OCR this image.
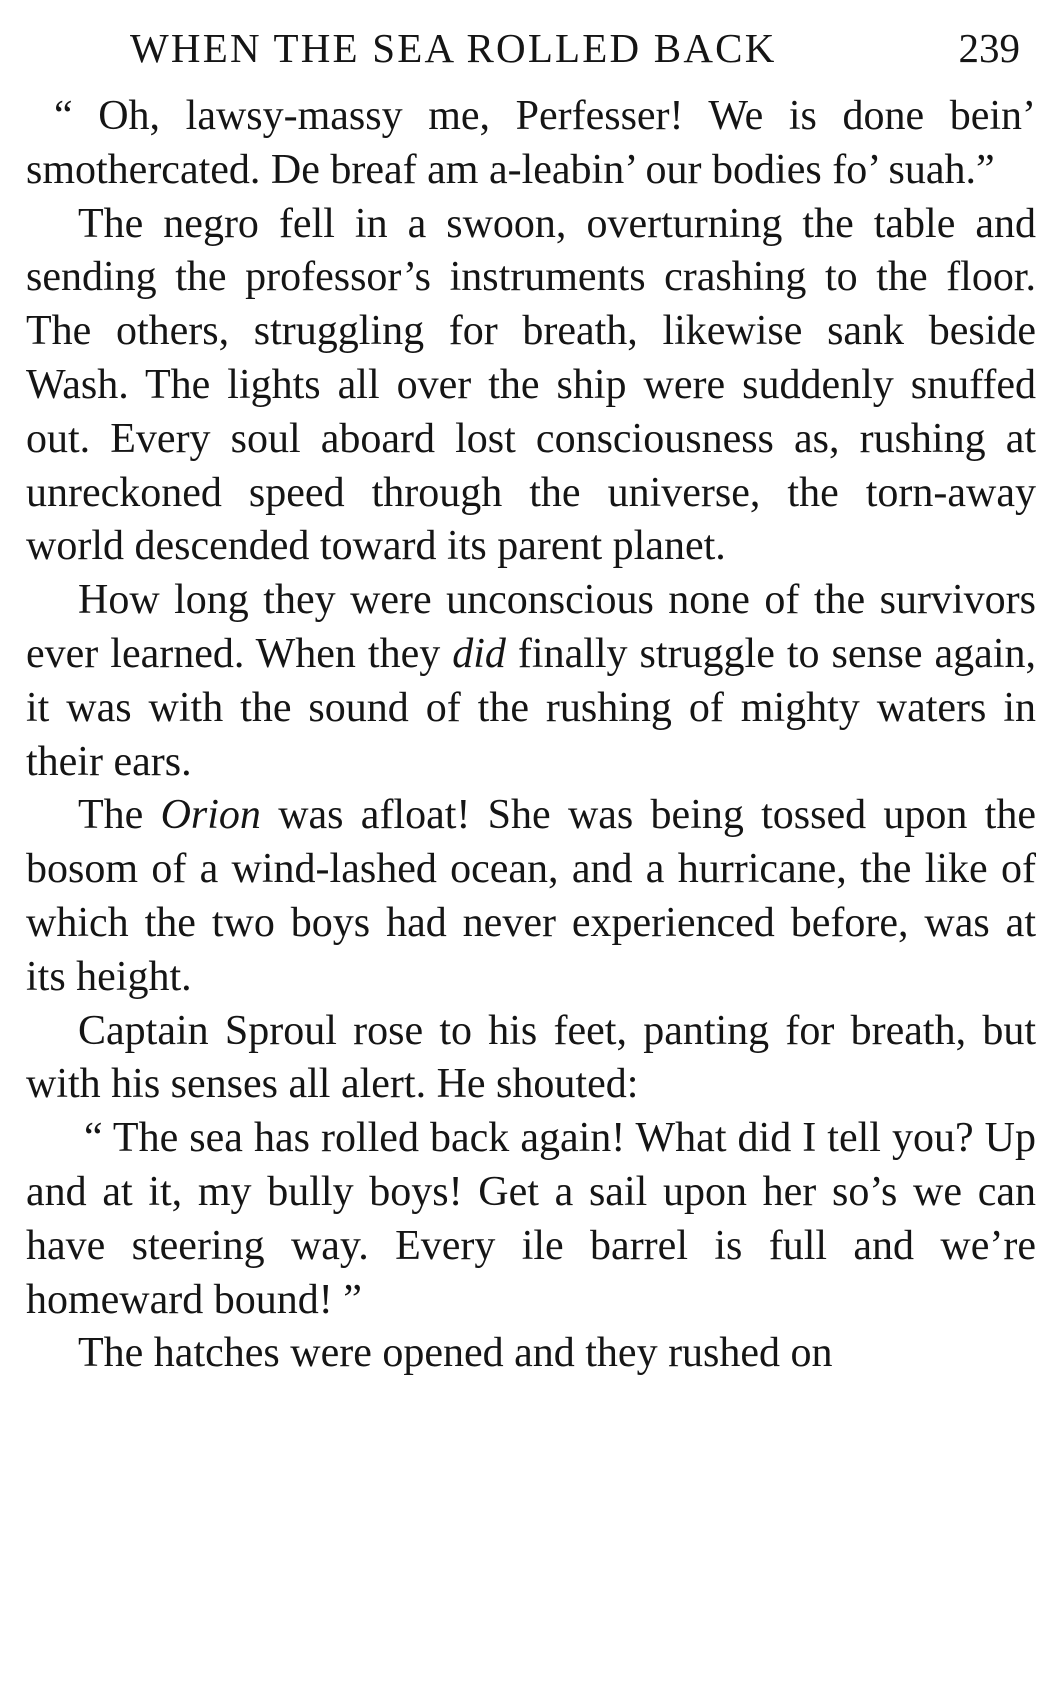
WHEN THE SEA ROLLED BACK	239

“ Oh, lawsy-massy me, Perfesser! We is done bein’ smothercated. De breaf am a-leabin’ our bodies fo’ suah.”

The negro fell in a swoon, overturning the table and sending the professor’s instruments crashing to the floor. The others, struggling for breath, likewise sank beside Wash. The lights all over the ship were suddenly snuffed out. Every soul aboard lost consciousness as, rushing at unreckoned speed through the universe, the torn-away world descended toward its parent planet.

How long they were unconscious none of the survivors ever learned. When they did finally struggle to sense again, it was with the sound of the rushing of mighty waters in their ears.

The Orion was afloat! She was being tossed upon the bosom of a wind-lashed ocean, and a hurricane, the like of which the two boys had never experienced before, was at its height.

Captain Sproul rose to his feet, panting for breath, but with his senses all alert. He shouted:

“ The sea has rolled back again! What did I tell you? Up and at it, my bully boys! Get a sail upon her so’s we can have steering way. Every ile barrel is full and we’re homeward bound! ”

The hatches were opened and they rushed on
